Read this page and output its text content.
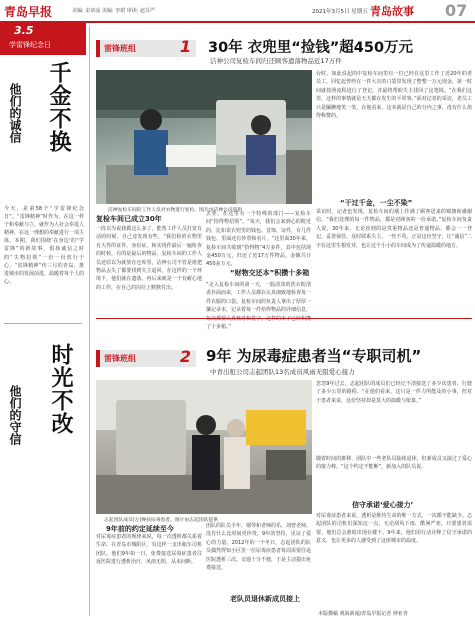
青岛早报	美编: 宋章淦 美编: 李珺 审读: 赵芬严	2021年3月5日 星期五 青岛故事 07
3.5
学雷锋纪念日
千金不换
他们的诚信
今天，是第58个“学雷锋纪念日”。“雷锋精神”时作为，在这一样子和奉献与立，就作为人社会奉进人精神，在这一理想的奉献进行一项主体。本期，我们围绕‘在身边’的“学雷锋”的新故事，倡扬诚信之时的“失物招领”一份一份放行于心，“雷锋精神”传三月的青岛，推进城市的发展前进，温暖着每个人的心。
时光不改
他们的守信
雷锋班组	1 30年 衣兜里“捡钱”超450万元
洁神公司复检车间归还顾客遗落物品近17万件
洁神复检车间的工作人员对衣物进行复检。图片由洁神公司提供
复检车间已成立30年
一段以为说我做这么多了，能帮工作人员打宽有话的时候，自己竟发现有些，“我们检的衣物里有大件的证件、身份证，和实现作最后一遍检查的时候，有的是最后的物品，复检车间的工作人员还原以为就放在仓库里，洁神公司不管是谁把物品丢失了都要找到失主退回，在这样的一个环境下，他们就在遗落，再后来就是一个有耐心地的工作，在自己的岗位上默默付出。
去业，在这里有一个特殊的部门——复检车间“拾得物招领”。“每天，我们会来到心的附近的，比如说衣兜里的钱包、首饰、证件，有几件钱包、里面还有钞票和名片。“这里面30年来，复检车间共收到“拾得物”4万多件，其中包括现金450万元，归还了近17万件物品，金额共计450多万元。
“财物交还本”积攒十多箱
“走入复检车间的第一天，一股淡淡的洗衣粉清香扑面而来，工作人员都在认真细致地检查每一件衣服的口袋。复检车间的负责人拿出了厚厚一摞记录本，记录着每一件拾得物品的详细信息， 了十多箱。”
台时，如此说起的中复检车间里有一位已经在这里工作了近20年的老员工，回忆起曾经在一件大衣的口袋里发现了整整一万元现金，第一时间就按照流程进行了登记，并最终帮助失主找回了这笔钱。“在我们这里，这样的事情就是天天都在发生的平常事。”面对记者的采访，老员工只是腼腆地笑一笑，在他看来，这本就是自己的分内之事，没有什么值得称赞的。
“干过千金，一尘不染”
采访时，记者也发现，复检车间的墙上挂满了顾客送来的锦旗和感谢信。“我们处理的每一件物品，都是对顾客的一份承诺。”复检车间负责人说，30年来，无论捡到的是贵重物品还是普通物品，都会一一登记，妥善保管，及时联系失主，一丝不苟。正是这份坚守，让“诚信”二字在这里生根发芽，也让这个小小的车间成为了传递温暖的地方。
雷锋班组	2 9年 为尿毒症患者当“专职司机”
中青出租公司志起团队13名成员风雨无阻爱心接力
志起团队成员(左)搀扶尿毒患者。图片由志起团队提供
9年前的约定延续至今
对尿毒症患者的规律来说，每一次透析都关系着生命。在青岛市城阳区，有这样一支出租车司机团队，他们9年如一日，免费接送尿毒症患者往返医院进行透析治疗，风雨无阻，从未间断。
团队的队员全年，钢琴和老师的乐，刘曾老师。没有什么比时间更珍贵，9年的坚持，见证了爱心的力量。2012年的一个冬日，志起团队的队员偶然得知小区里一位尿毒症患者每周需要往返医院透析三次，交通十分不便，于是主动提出免费接送。
老队员退休新成员接上
忽忽9年过去，志起团队的成员们已经记不清接送了多少次患者，行驶了多少公里的路程。“在他们看来，这只是一件力所能及的小事，但对于患者来说，这份坚持却是莫大的温暖与依靠。”
信守承诺‘爱心接力’
对尿毒症患者来说，透析是维持生命的唯一方式，一次都不能缺少。志起团队的司机们深知这一点，无论刮风下雨、酷暑严寒，只要患者需要，他们总会准时出现在楼下。9年来，他们用行动诠释了信守承诺的意义，也让更多的人感受到了这座城市的温度。
随着时间的推移，团队中一些老队员陆续退休，但新成员又接过了爱心的接力棒。“这个约定不能断”，新加入的队员说。
本版撰稿 观海新闻/青岛早报记者 钟亚青
